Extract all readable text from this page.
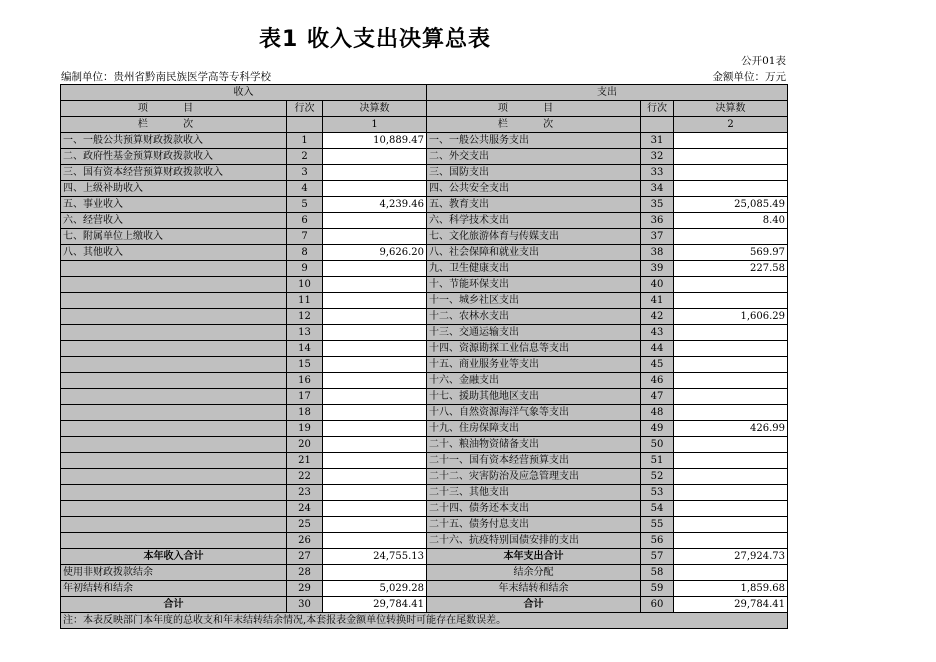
表1 收入支出决算总表
公开01表
编制单位：贵州省黔南民族医学高等专科学校	金额单位：万元
收入			支出		
项 目	行次	决算数	项 目	行次	决算数
栏 次		1	栏 次		2
一、一般公共预算财政拨款收入	1	10,889.47	一、一般公共服务支出	31	
二、政府性基金预算财政拨款收入	2		二、外交支出	32	
三、国有资本经营预算财政拨款收入	3		三、国防支出	33	
四、上级补助收入	4		四、公共安全支出	34	
五、事业收入	5	4,239.46	五、教育支出	35	25,085.49
六、经营收入	6		六、科学技术支出	36	8.40
七、附属单位上缴收入	7		七、文化旅游体育与传媒支出	37	
八、其他收入	8	9,626.20	八、社会保障和就业支出	38	569.97
	9		九、卫生健康支出	39	227.58
	10		十、节能环保支出	40	
	11		十一、城乡社区支出	41	
	12		十二、农林水支出	42	1,606.29
	13		十三、交通运输支出	43	
	14		十四、资源勘探工业信息等支出	44	
	15		十五、商业服务业等支出	45	
	16		十六、金融支出	46	
	17		十七、援助其他地区支出	47	
	18		十八、自然资源海洋气象等支出	48	
	19		十九、住房保障支出	49	426.99
	20		二十、粮油物资储备支出	50	
	21		二十一、国有资本经营预算支出	51	
	22		二十二、灾害防治及应急管理支出	52	
	23		二十三、其他支出	53	
	24		二十四、债务还本支出	54	
	25		二十五、债务付息支出	55	
	26		二十六、抗疫特别国债安排的支出	56	
本年收入合计	27	24,755.13	本年支出合计	57	27,924.73
使用非财政拨款结余	28		结余分配	58	
年初结转和结余	29	5,029.28	年末结转和结余	59	1,859.68
合计	30	29,784.41	合计	60	29,784.41
注：本表反映部门本年度的总收支和年末结转结余情况,本套报表金额单位转换时可能存在尾数误差。					
